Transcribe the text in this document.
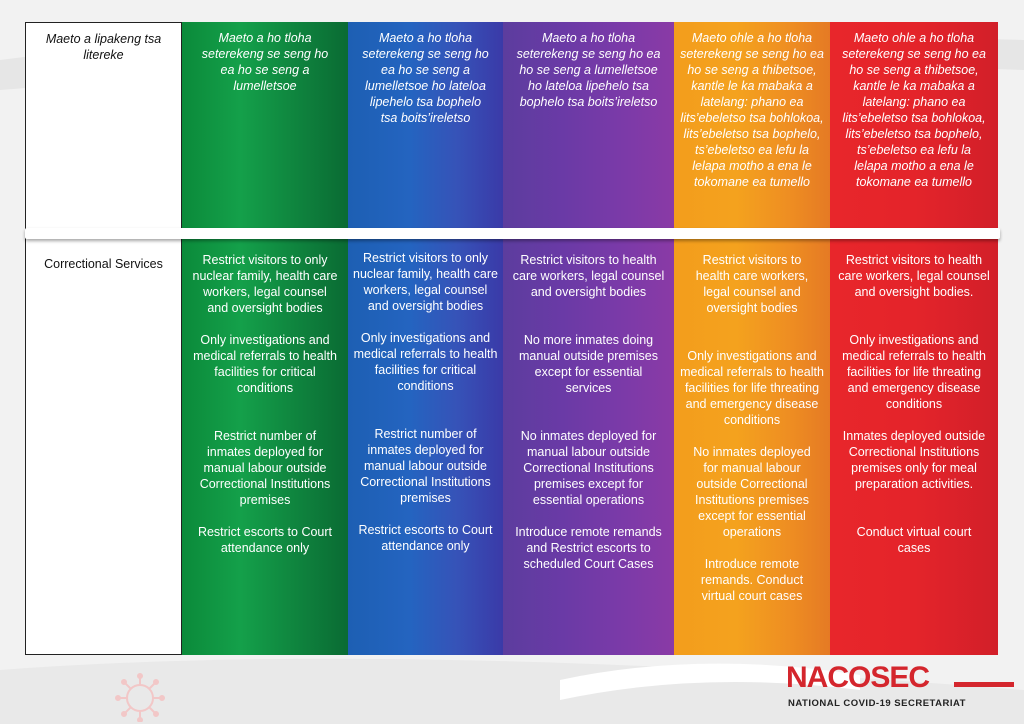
Maeto a lipakeng tsa litereke
Correctional Services
Maeto a ho tloha seterekeng se seng ho ea ho se seng a lumelletsoe

Restrict visitors to only nuclear family, health care workers, legal counsel and oversight bodies

Only investigations and medical referrals to health facilities for critical conditions

Restrict number of inmates deployed for manual labour outside Correctional Institutions premises

Restrict escorts to Court attendance only

Maeto a ho tloha seterekeng se seng ho ea ho se seng a lumelletsoe ho lateloa lipehelo tsa bophelo tsa boits’ireletso

Restrict visitors to only nuclear family, health care workers, legal counsel and oversight bodies

Only investigations and medical referrals to health facilities for critical conditions

Restrict number of inmates deployed for manual labour outside Correctional Institutions premises

Restrict escorts to Court attendance only

Maeto a ho tloha seterekeng se seng ho ea ho se seng a lumelletsoe ho lateloa lipehelo tsa bophelo tsa boits’ireletso

Restrict visitors to health care workers, legal counsel and oversight bodies

No more inmates doing manual outside premises except for essential services

No inmates deployed for manual labour outside Correctional Institutions premises except for essential operations

Introduce remote remands and Restrict escorts to scheduled Court Cases

Maeto ohle a ho tloha seterekeng se seng ho ea ho se seng a thibetsoe, kantle le ka mabaka a latelang: phano ea lits’ebeletso tsa bohlokoa, lits’ebeletso tsa bophelo, ts’ebeletso ea lefu la lelapa motho a ena le tokomane ea tumello

Restrict visitors to health care workers, legal counsel and oversight bodies

Only investigations and medical referrals to health facilities for life threating and emergency disease conditions

No inmates deployed for manual labour outside Correctional Institutions premises except for essential operations

Introduce remote remands. Conduct virtual court cases

Maeto ohle a ho tloha seterekeng se seng ho ea ho se seng a thibetsoe, kantle le ka mabaka a latelang: phano ea lits’ebeletso tsa bohlokoa, lits’ebeletso tsa bophelo, ts’ebeletso ea lefu la lelapa motho a ena le tokomane ea tumello

Restrict visitors to health care workers, legal counsel and oversight bodies.

Only investigations and medical referrals to health facilities for life threating and emergency disease conditions

Inmates deployed outside Correctional Institutions premises only for meal preparation activities.

Conduct virtual court cases

NACOSEC
NATIONAL COVID-19 SECRETARIAT
